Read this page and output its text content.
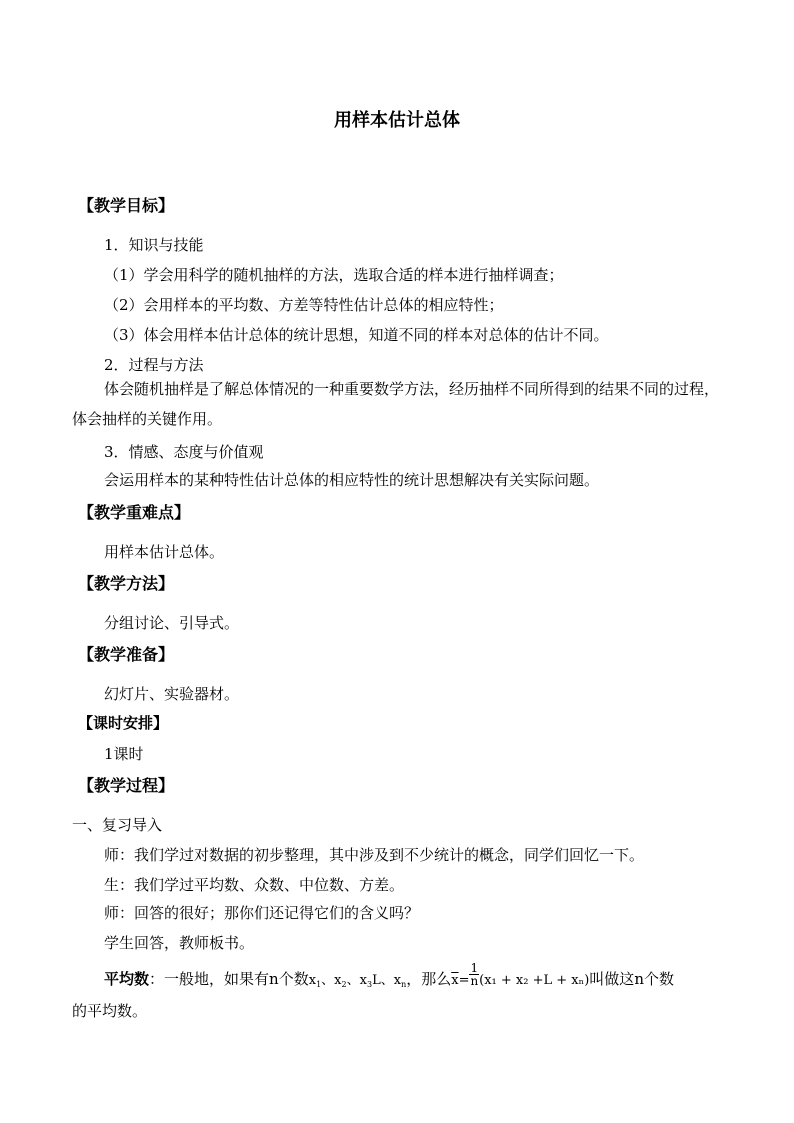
用样本估计总体
【教学目标】
1．知识与技能
（1）学会用科学的随机抽样的方法，选取合适的样本进行抽样调查；
（2）会用样本的平均数、方差等特性估计总体的相应特性；
（3）体会用样本估计总体的统计思想，知道不同的样本对总体的估计不同。
2．过程与方法
体会随机抽样是了解总体情况的一种重要数学方法，经历抽样不同所得到的结果不同的过程，体会抽样的关键作用。
3．情感、态度与价值观
会运用样本的某种特性估计总体的相应特性的统计思想解决有关实际问题。
【教学重难点】
用样本估计总体。
【教学方法】
分组讨论、引导式。
【教学准备】
幻灯片、实验器材。
【课时安排】
1课时
【教学过程】
一、复习导入
师：我们学过对数据的初步整理，其中涉及到不少统计的概念，同学们回忆一下。
生：我们学过平均数、众数、中位数、方差。
师：回答的很好；那你们还记得它们的含义吗？
学生回答，教师板书。
平均数：一般地，如果有n个数$x_1$、$x_2$、$x_3L$、$x_n$，那么$\overline{x}= \frac{1}{n} (x_1 + x_2 +L + x_n)$叫做这n个数
的平均数。
